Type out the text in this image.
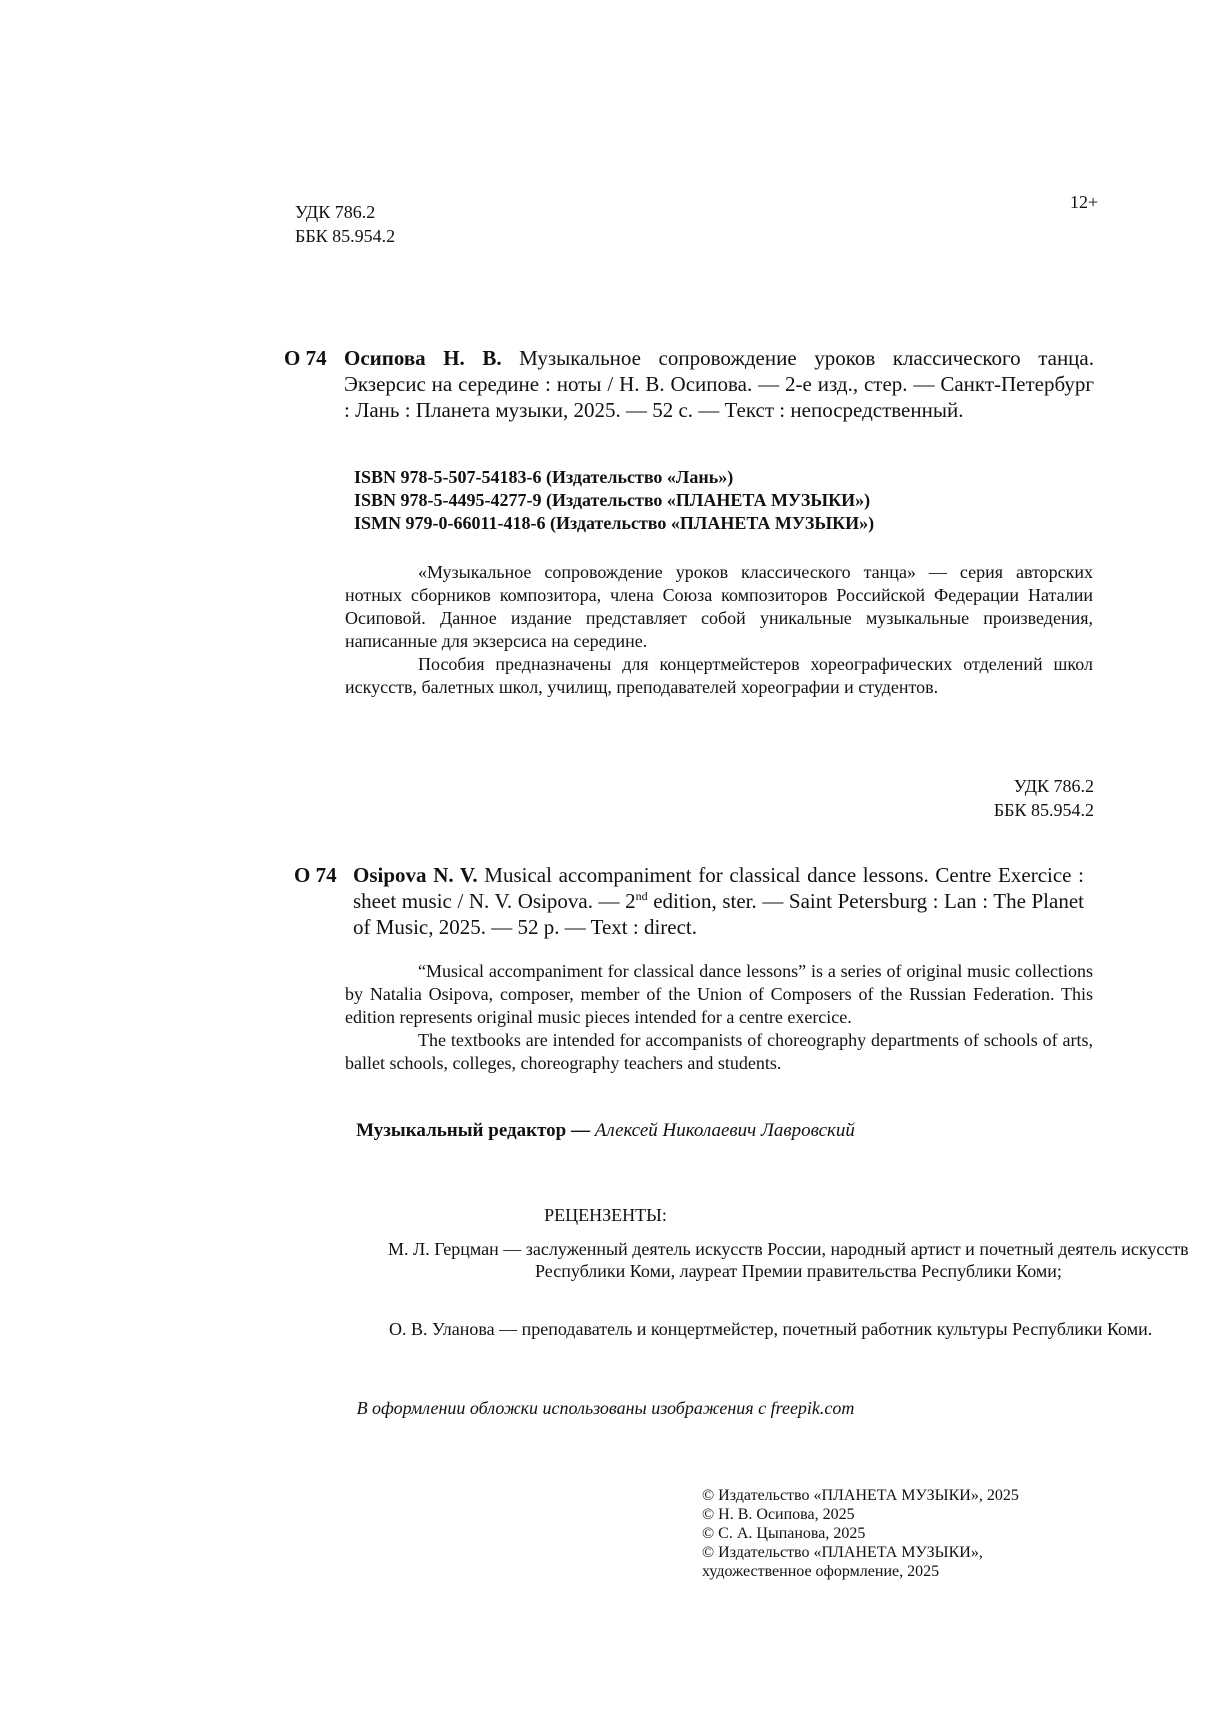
УДК 786.2
ББК 85.954.2
12+
О 74 Осипова Н. В. Музыкальное сопровождение уроков классического танца. Экзерсис на середине : ноты / Н. В. Осипова. — 2-е изд., стер. — Санкт-Петербург : Лань : Планета музыки, 2025. — 52 с. — Текст : непосредственный.
ISBN 978-5-507-54183-6 (Издательство «Лань»)
ISBN 978-5-4495-4277-9 (Издательство «ПЛАНЕТА МУЗЫКИ»)
ISMN 979-0-66011-418-6 (Издательство «ПЛАНЕТА МУЗЫКИ»)

«Музыкальное сопровождение уроков классического танца» — серия авторских нотных сборников композитора, члена Союза композиторов Российской Федерации Наталии Осиповой. Данное издание представляет собой уникальные музыкальные произведения, написанные для экзерсиса на середине.

Пособия предназначены для концертмейстеров хореографических отделений школ искусств, балетных школ, училищ, преподавателей хореографии и студентов.

УДК 786.2
ББК 85.954.2
О 74 Osipova N. V. Musical accompaniment for classical dance lessons. Centre Exercice : sheet music / N. V. Osipova. — 2nd edition, ster. — Saint Petersburg : Lan : The Planet of Music, 2025. — 52 p. — Text : direct.

“Musical accompaniment for classical dance lessons” is a series of original music collections by Natalia Osipova, composer, member of the Union of Composers of the Russian Federation. This edition represents original music pieces intended for a centre exercice.

The textbooks are intended for accompanists of choreography departments of schools of arts, ballet schools, colleges, choreography teachers and students.

Музыкальный редактор — Алексей Николаевич Лавровский
РЕЦЕНЗЕНТЫ:
М. Л. Герцман — заслуженный деятель искусств России, народный артист и почетный деятель искусств Республики Коми, лауреат Премии правительства Республики Коми;
О. В. Уланова — преподаватель и концертмейстер, почетный работник культуры Республики Коми.
В оформлении обложки использованы изображения с freepik.com
© Издательство «ПЛАНЕТА МУЗЫКИ», 2025
© Н. В. Осипова, 2025
© С. А. Цыпанова, 2025
© Издательство «ПЛАНЕТА МУЗЫКИ», художественное оформление, 2025
